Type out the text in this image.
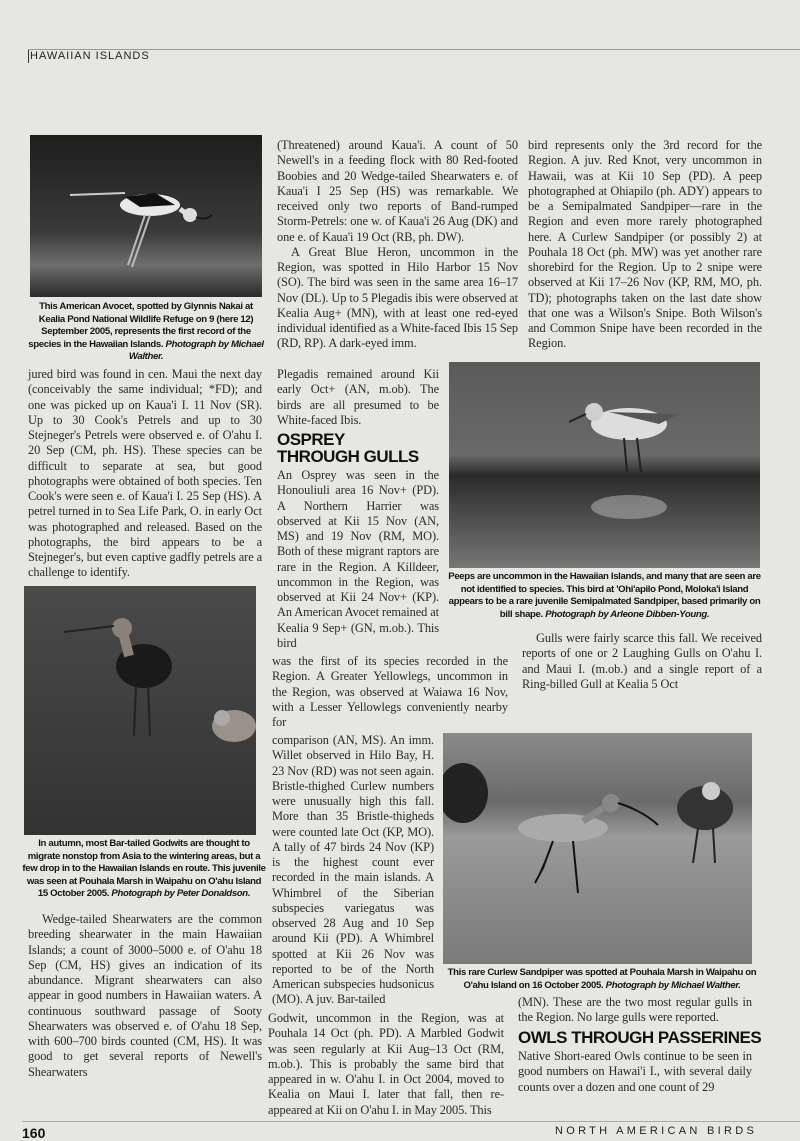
HAWAIIAN ISLANDS
This American Avocet, spotted by Glynnis Nakai at Kealia Pond National Wildlife Refuge on 9 (here 12) September 2005, represents the first record of the species in the Hawaiian Islands. Photograph by Michael Walther.

jured bird was found in cen. Maui the next day (conceivably the same individual; *FD); and one was picked up on Kaua'i I. 11 Nov (SR). Up to 30 Cook's Petrels and up to 30 Stejneger's Petrels were observed e. of O'ahu I. 20 Sep (CM, ph. HS). These species can be difficult to separate at sea, but good photographs were obtained of both species. Ten Cook's were seen e. of Kaua'i I. 25 Sep (HS). A petrel turned in to Sea Life Park, O. in early Oct was photographed and released. Based on the photographs, the bird appears to be a Stejneger's, but even captive gadfly petrels are a challenge to identify.

In autumn, most Bar-tailed Godwits are thought to migrate nonstop from Asia to the wintering areas, but a few drop in to the Hawaiian Islands en route. This juvenile was seen at Pouhala Marsh in Waipahu on O'ahu Island 15 October 2005. Photograph by Peter Donaldson.

Wedge-tailed Shearwaters are the common breeding shearwater in the main Hawaiian Islands; a count of 3000–5000 e. of O'ahu 18 Sep (CM, HS) gives an indication of its abundance. Migrant shearwaters can also appear in good numbers in Hawaiian waters. A continuous southward passage of Sooty Shearwaters was observed e. of O'ahu 18 Sep, with 600–700 birds counted (CM, HS). It was good to get several reports of Newell's Shearwaters

(Threatened) around Kaua'i. A count of 50 Newell's in a feeding flock with 80 Red-footed Boobies and 20 Wedge-tailed Shearwaters e. of Kaua'i I 25 Sep (HS) was remarkable. We received only two reports of Band-rumped Storm-Petrels: one w. of Kaua'i 26 Aug (DK) and one e. of Kaua'i 19 Oct (RB, ph. DW).

A Great Blue Heron, uncommon in the Region, was spotted in Hilo Harbor 15 Nov (SO). The bird was seen in the same area 16–17 Nov (DL). Up to 5 Plegadis ibis were observed at Kealia Aug+ (MN), with at least one red-eyed individual identified as a White-faced Ibis 15 Sep (RD, RP). A dark-eyed imm.

bird represents only the 3rd record for the Region. A juv. Red Knot, very uncommon in Hawaii, was at Kii 10 Sep (PD). A peep photographed at Ohiapilo (ph. ADY) appears to be a Semipalmated Sandpiper—rare in the Region and even more rarely photographed here. A Curlew Sandpiper (or possibly 2) at Pouhala 18 Oct (ph. MW) was yet another rare shorebird for the Region. Up to 2 snipe were observed at Kii 17–26 Nov (KP, RM, MO, ph. TD); photographs taken on the last date show that one was a Wilson's Snipe. Both Wilson's and Common Snipe have been recorded in the Region.

Peeps are uncommon in the Hawaiian Islands, and many that are seen are not identified to species. This bird at 'Ohi'apilo Pond, Moloka'i Island appears to be a rare juvenile Semipalmated Sandpiper, based primarily on bill shape. Photograph by Arleone Dibben-Young.

Plegadis remained around Kii early Oct+ (AN, m.ob). The birds are all presumed to be White-faced Ibis.

OSPREY
THROUGH GULLS

An Osprey was seen in the Honouliuli area 16 Nov+ (PD). A Northern Harrier was observed at Kii 15 Nov (AN, MS) and 19 Nov (RM, MO). Both of these migrant raptors are rare in the Region. A Killdeer, uncommon in the Region, was observed at Kii 24 Nov+ (KP). An American Avocet remained at Kealia 9 Sep+ (GN, m.ob.). This bird

was the first of its species recorded in the Region. A Greater Yellowlegs, uncommon in the Region, was observed at Waiawa 16 Nov, with a Lesser Yellowlegs conveniently nearby for

Gulls were fairly scarce this fall. We received reports of one or 2 Laughing Gulls on O'ahu I. and Maui I. (m.ob.) and a single report of a Ring-billed Gull at Kealia 5 Oct

comparison (AN, MS). An imm. Willet observed in Hilo Bay, H. 23 Nov (RD) was not seen again. Bristle-thighed Curlew numbers were unusually high this fall. More than 35 Bristle-thigheds were counted late Oct (KP, MO). A tally of 47 birds 24 Nov (KP) is the highest count ever recorded in the main islands. A Whimbrel of the Siberian subspecies variegatus was observed 28 Aug and 10 Sep around Kii (PD). A Whimbrel spotted at Kii 26 Nov was reported to be of the North American subspecies hudsonicus (MO). A juv. Bar-tailed

This rare Curlew Sandpiper was spotted at Pouhala Marsh in Waipahu on O'ahu Island on 16 October 2005. Photograph by Michael Walther.

Godwit, uncommon in the Region, was at Pouhala 14 Oct (ph. PD). A Marbled Godwit was seen regularly at Kii Aug–13 Oct (RM, m.ob.). This is probably the same bird that appeared in w. O'ahu I. in Oct 2004, moved to Kealia on Maui I. later that fall, then re-appeared at Kii on O'ahu I. in May 2005. This

(MN). These are the two most regular gulls in the Region. No large gulls were reported.

OWLS THROUGH PASSERINES

Native Short-eared Owls continue to be seen in good numbers on Hawai'i I., with several daily counts over a dozen and one count of 29

160	NORTH AMERICAN BIRDS
